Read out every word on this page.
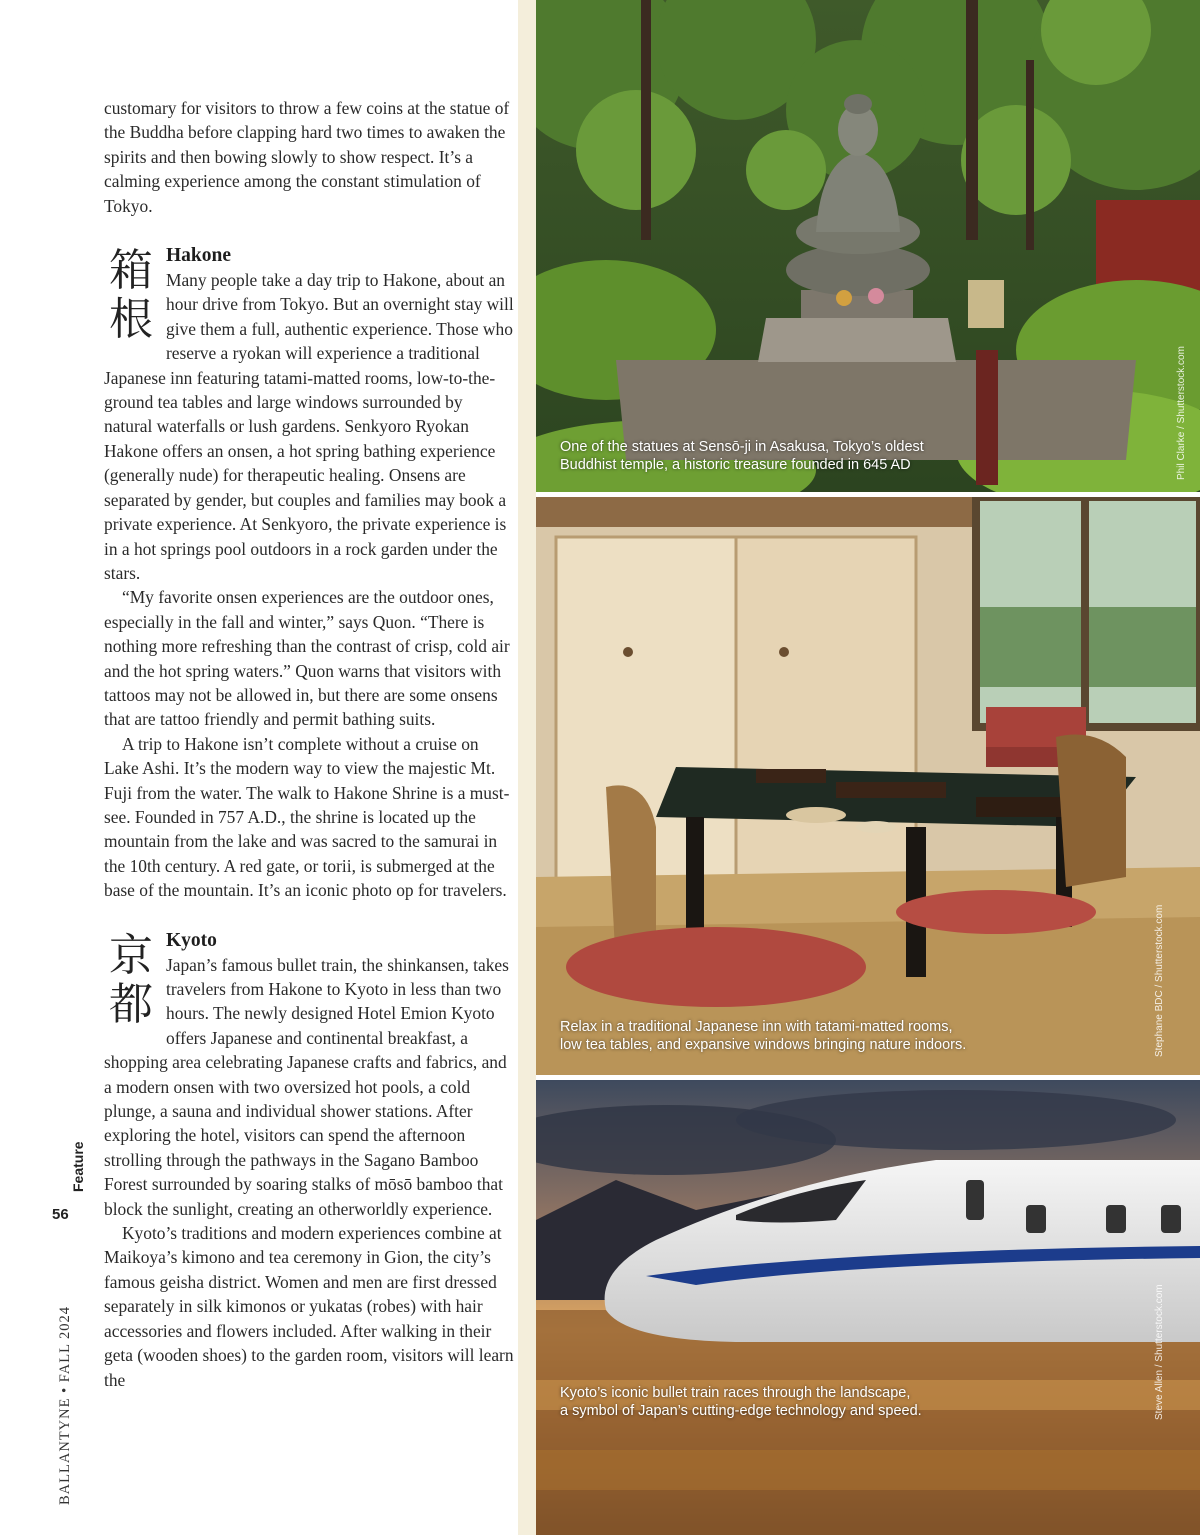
customary for visitors to throw a few coins at the statue of the Buddha before clapping hard two times to awaken the spirits and then bowing slowly to show respect. It’s a calming experience among the constant stimulation of Tokyo.

箱根
Hakone

Many people take a day trip to Hakone, about an hour drive from Tokyo. But an overnight stay will give them a full, authentic experience. Those who reserve a ryokan will experience a traditional Japanese inn featuring tatami-matted rooms, low-to-the-ground tea tables and large windows surrounded by natural waterfalls or lush gardens. Senkyoro Ryokan Hakone offers an onsen, a hot spring bathing experience (generally nude) for therapeutic healing. Onsens are separated by gender, but couples and families may book a private experience. At Senkyoro, the private experience is in a hot springs pool outdoors in a rock garden under the stars.

“My favorite onsen experiences are the outdoor ones, especially in the fall and winter,” says Quon. “There is nothing more refreshing than the contrast of crisp, cold air and the hot spring waters.” Quon warns that visitors with tattoos may not be allowed in, but there are some onsens that are tattoo friendly and permit bathing suits.

A trip to Hakone isn’t complete without a cruise on Lake Ashi. It’s the modern way to view the majestic Mt. Fuji from the water. The walk to Hakone Shrine is a must-see. Founded in 757 A.D., the shrine is located up the mountain from the lake and was sacred to the samurai in the 10th century. A red gate, or torii, is submerged at the base of the mountain. It’s an iconic photo op for travelers.

京都
Kyoto

Japan’s famous bullet train, the shinkansen, takes travelers from Hakone to Kyoto in less than two hours. The newly designed Hotel Emion Kyoto offers Japanese and continental breakfast, a shopping area celebrating Japanese crafts and fabrics, and a modern onsen with two oversized hot pools, a cold plunge, a sauna and individual shower stations. After exploring the hotel, visitors can spend the afternoon strolling through the pathways in the Sagano Bamboo Forest surrounded by soaring stalks of mōsō bamboo that block the sunlight, creating an otherworldly experience.

Kyoto’s traditions and modern experiences combine at Maikoya’s kimono and tea ceremony in Gion, the city’s famous geisha district. Women and men are first dressed separately in silk kimonos or yukatas (robes) with hair accessories and flowers included. After walking in their geta (wooden shoes) to the garden room, visitors will learn the

BALLANTYNE • FALL 2024
56
Feature
One of the statues at Sensō-ji in Asakusa, Tokyo’s oldest
Buddhist temple, a historic treasure founded in 645 AD	Phil Clarke / Shutterstock.com
Relax in a traditional Japanese inn with tatami-matted rooms,
low tea tables, and expansive windows bringing nature indoors.	Stephane BDC / Shutterstock.com
Kyoto’s iconic bullet train races through the landscape,
a symbol of Japan’s cutting-edge technology and speed.	Steve Allen / Shutterstock.com
